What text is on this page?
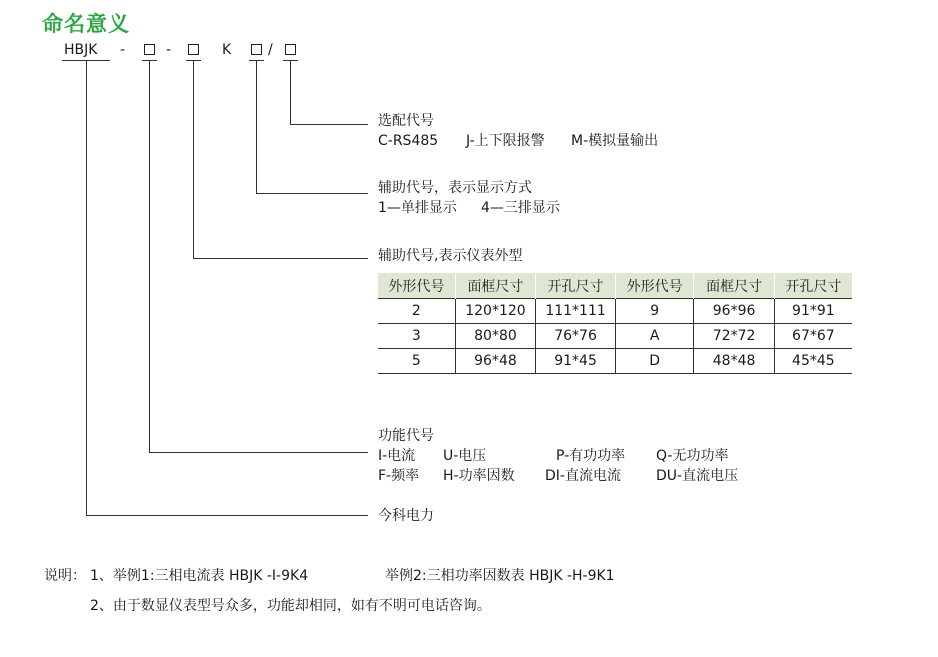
命名意义
HBJK -	-	K	/
选配代号
C-RS485 J-上下限报警 M-模拟量输出
辅助代号，表示显示方式
1—单排显示 4—三排显示
辅助代号,表示仪表外型
外形代号	面框尺寸	开孔尺寸	外形代号	面框尺寸	开孔尺寸
2	120*120	111*111	9	96*96	91*91
3	80*80	76*76	A	72*72	67*67
5	96*48	91*45	D	48*48	45*45
功能代号
I-电流 U-电压	P-有功功率 Q-无功功率
F-频率 H-功率因数 DI-直流电流	DU-直流电压
今科电力
说明： 1、举例1:三相电流表 HBJK -I-9K4	举例2:三相功率因数表 HBJK -H-9K1
2、由于数显仪表型号众多，功能却相同，如有不明可电话咨询。
